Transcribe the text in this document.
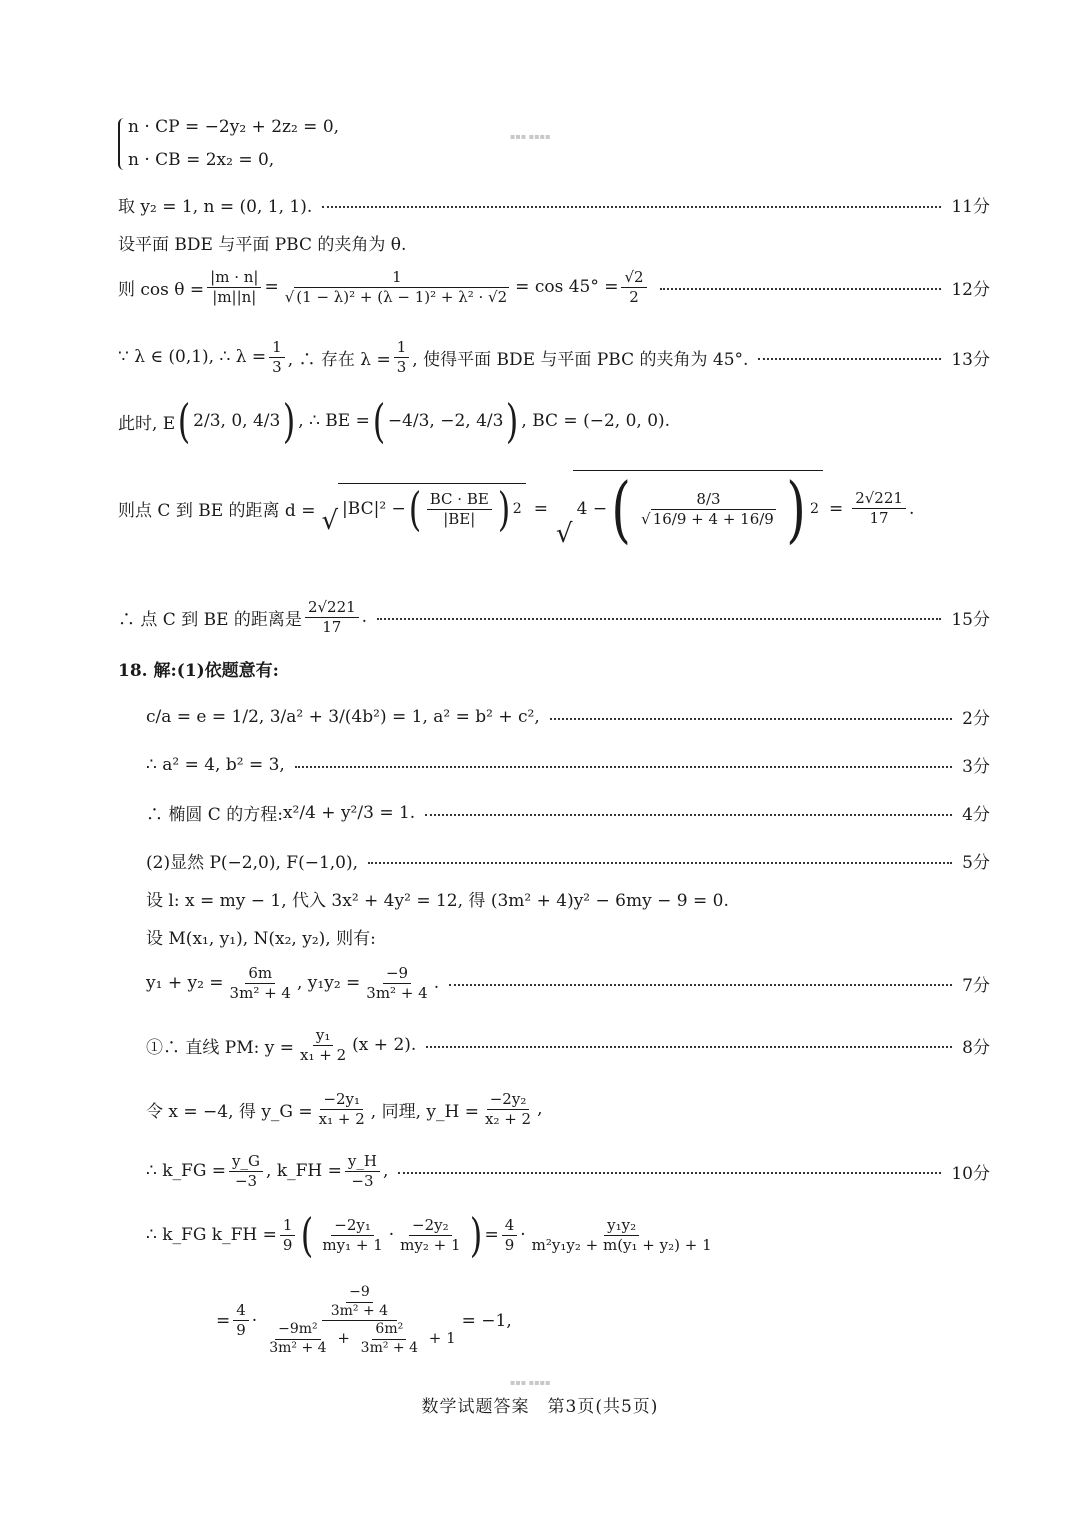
n · CP = −2y₂ + 2z₂ = 0,
n · CB = 2x₂ = 0,
取 y₂ = 1, n = (0, 1, 1).	11分
设平面 BDE 与平面 PBC 的夹角为 θ.
则 $\cos \theta = \frac{|m \cdot n|}{|m||n|} = \frac{1}{\text{√ (1 − λ)² + (λ − 1)² + λ² · √2}} = \cos 45^\circ = \frac{√2}{2}$	12分
∵ λ ∈ (0,1), ∴ $\lambda = \frac{1}{3}$ , ∴ 存在 $\lambda = \frac{1}{3}$ , 使得平面 BDE 与平面 PBC 的夹角为 45°.	13分
此时, E ( 2/3, 0, 4/3 ) , ∴ BE = ( −4/3, −2, 4/3 ) , BC = (−2, 0, 0).
则点 C 到 BE 的距离 d = √ |BC|² − ( $\frac{BC \cdot BE}{|BE|}$ ) 2 =
√
4 − ( $\frac{8/3}{√ 16/9 + 4 + 16/9}$ ) $2 = \frac{2√221}{17}$ .
∴ 点 C 到 BE 的距离是 $\frac{2√221}{17}$ .	15分
18. 解:(1)依题意有:
c/a = e = 1/2, 3/a² + 3/(4b²) = 1, a² = b² + c²,	2分
∴ a² = 4, b² = 3,	3分
∴ 椭圆 C 的方程: x²/4 + y²/3 = 1.	4分
(2)显然 P(−2,0), F(−1,0),	5分
设 l: x = my − 1, 代入 3x² + 4y² = 12, 得 (3m² + 4)y² − 6my − 9 = 0.
设 M(x₁, y₁), N(x₂, y₂), 则有:
$y_1 + y_2 = \frac{6m}{\text{3m² + 4}}$ , $y_1y_2 = \frac{-9}{\text{3m² + 4}}$ .	7分
①∴ 直线 PM: $y = \frac{\text{y₁}}{\text{x₁ + 2}} (x + 2)$.	8分
令 x = −4, 得 y_G = $\frac{\text{−2y₁}}{\text{x₁ + 2}}$ , 同理, y_H = $\frac{\text{−2y₂}}{\text{x₂ + 2}}$ ,
∴ k_FG = $\frac{y\_G}{-3}$ , k_FH = $\frac{y\_H}{-3}$ ,	10分
∴ k_FG k_FH = $\frac{1}{9}$ ( $\frac{\text{−2y₁}}{\text{my₁ + 1}} \cdot \frac{\text{−2y₂}}{\text{my₂ + 1}}$ ) = $\frac{4}{9} \cdot \frac{\text{y₁y₂}}{\text{m²y₁y₂ + m(y₁ + y₂) + 1}}$
= $\frac{4}{9} \cdot \frac{\frac{-9}{\text{3m² + 4}}}{\frac{\text{−9m²}}{\text{3m² + 4}} + \frac{\text{6m²}}{\text{3m² + 4}} + 1} = -1$,
▪▪▪ ▪▪▪▪
▪▪▪ ▪▪▪▪
数学试题答案　第3页(共5页)
